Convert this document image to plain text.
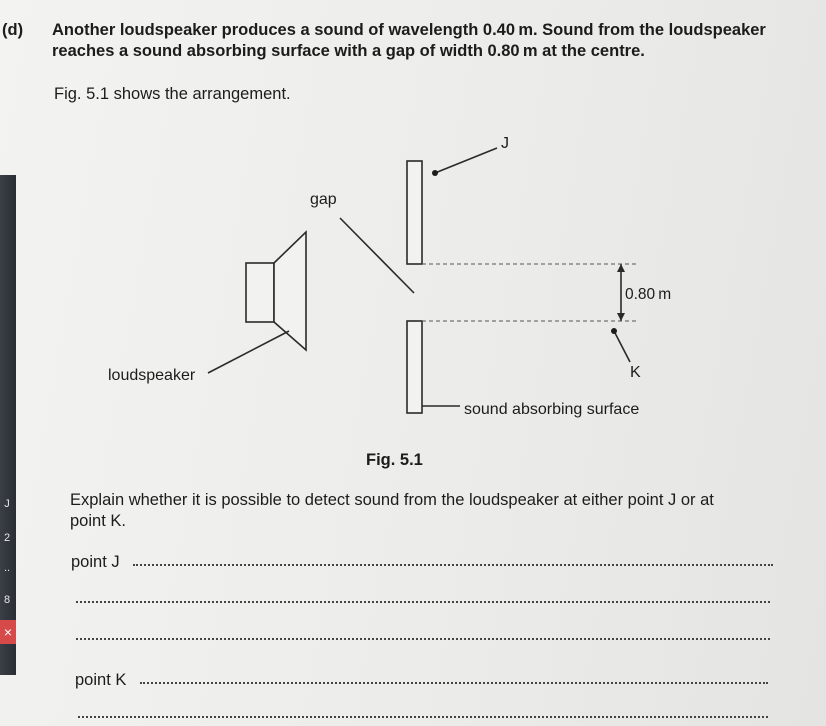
(d) Another loudspeaker produces a sound of wavelength 0.40 m. Sound from the loudspeaker
reaches a sound absorbing surface with a gap of width 0.80 m at the centre.
Fig. 5.1 shows the arrangement.
J
gap
0.80 m
K
loudspeaker
sound absorbing surface
Fig. 5.1
Explain whether it is possible to detect sound from the loudspeaker at either point J or at
point K.
point J
point K
J
2
..
8
×
